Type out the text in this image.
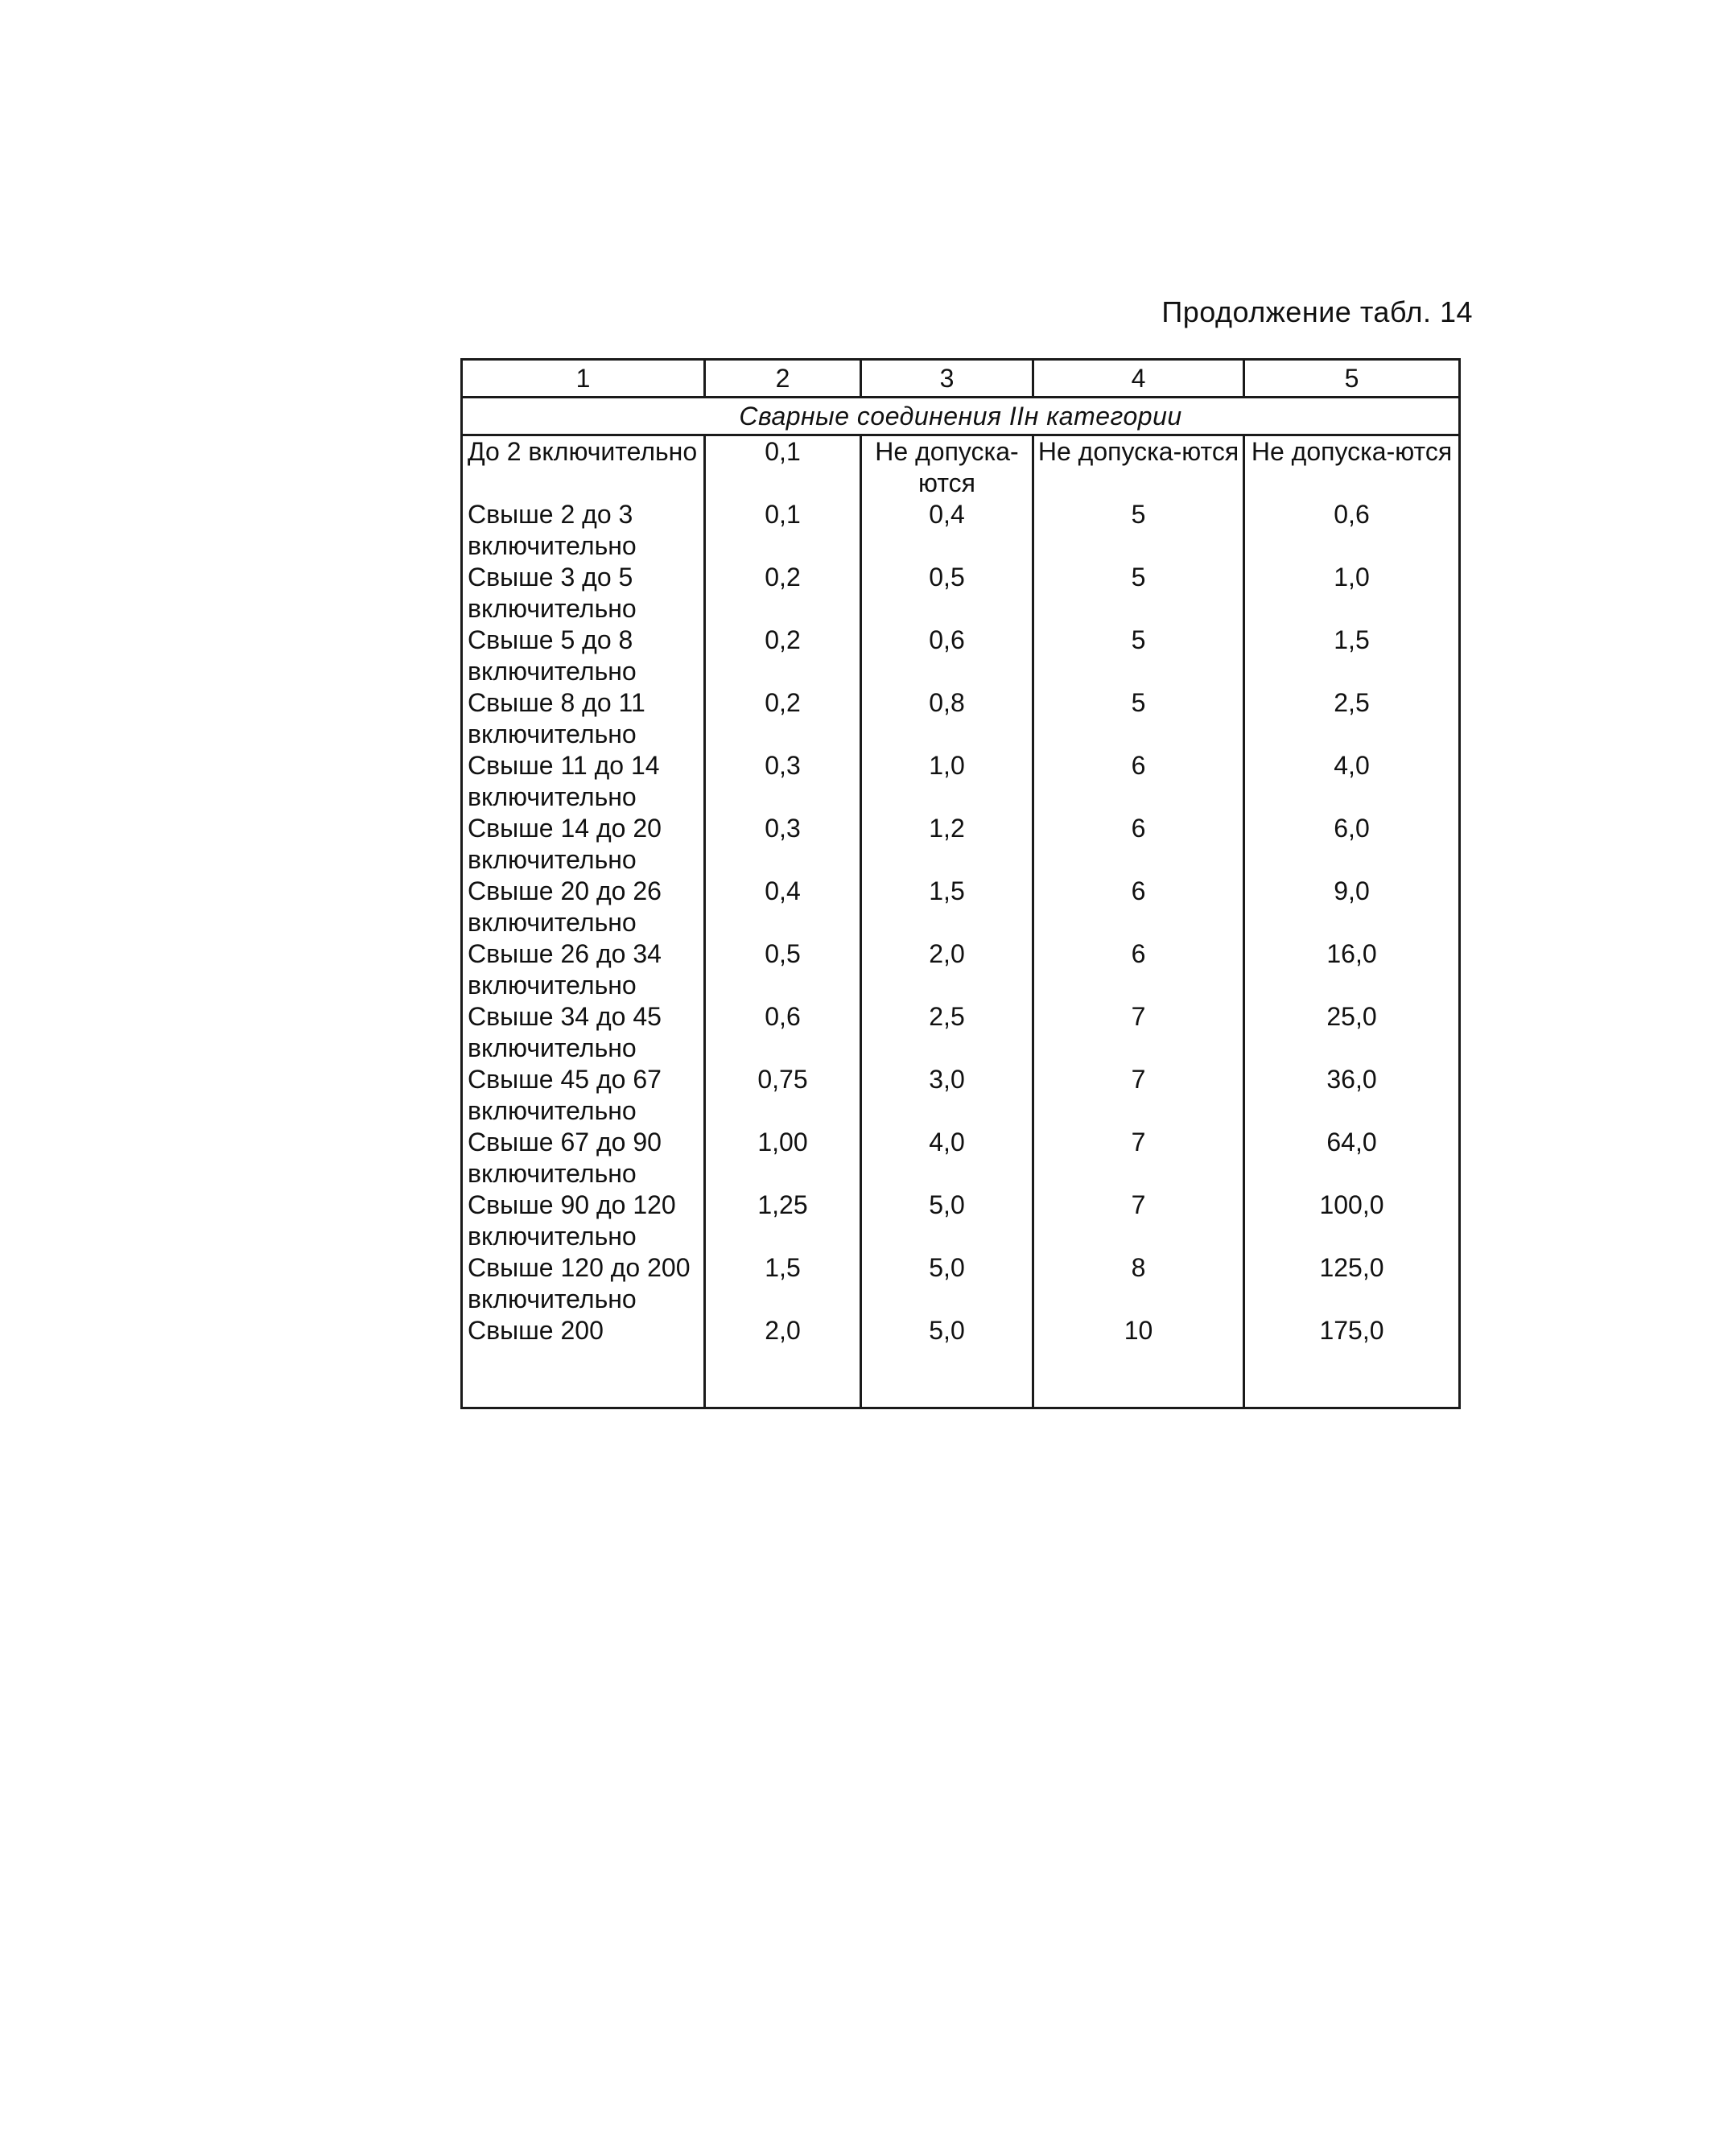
Продолжение табл. 14
1	2	3	4	5
Сварные соединения IIн категории				
До 2 включительно	0,1	Не допуска-ются	Не допуска-ются	Не допуска-ются
Свыше 2 до 3 включительно	0,1	0,4	5	0,6
Свыше 3 до 5 включительно	0,2	0,5	5	1,0
Свыше 5 до 8 включительно	0,2	0,6	5	1,5
Свыше 8 до 11 включительно	0,2	0,8	5	2,5
Свыше 11 до 14 включительно	0,3	1,0	6	4,0
Свыше 14 до 20 включительно	0,3	1,2	6	6,0
Свыше 20 до 26 включительно	0,4	1,5	6	9,0
Свыше 26 до 34 включительно	0,5	2,0	6	16,0
Свыше 34 до 45 включительно	0,6	2,5	7	25,0
Свыше 45 до 67 включительно	0,75	3,0	7	36,0
Свыше 67 до 90 включительно	1,00	4,0	7	64,0
Свыше 90 до 120 включительно	1,25	5,0	7	100,0
Свыше 120 до 200 включительно	1,5	5,0	8	125,0
Свыше 200	2,0	5,0	10	175,0
